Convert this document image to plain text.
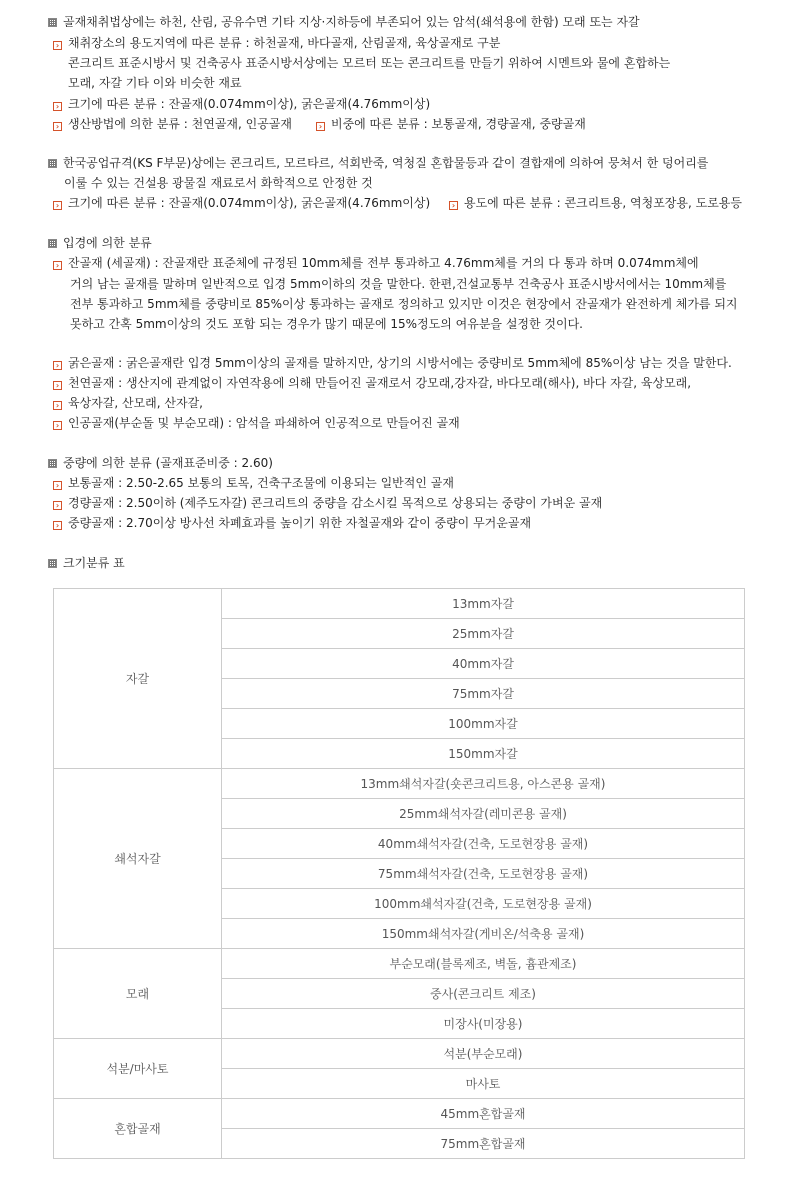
골재채취법상에는 하천, 산림, 공유수면 기타 지상·지하등에 부존되어 있는 암석(쇄석용에 한함) 모래 또는 자갈
› 채취장소의 용도지역에 따른 분류 : 하천골재, 바다골재, 산림골재, 육상골재로 구분
콘크리트 표준시방서 및 건축공사 표준시방서상에는 모르터 또는 콘크리트를 만들기 위하여 시멘트와 물에 혼합하는
모래, 자갈 기타 이와 비슷한 재료
› 크기에 따른 분류 : 잔골재(0.074mm이상), 굵은골재(4.76mm이상)
› 생산방법에 의한 분류 : 천연골재, 인공골재	› 비중에 따른 분류 : 보통골재, 경량골재, 중량골재
한국공업규격(KS F부문)상에는 콘크리트, 모르타르, 석회반죽, 역청질 혼합물등과 같이 결합재에 의하여 뭉쳐서 한 덩어리를
이룰 수 있는 건설용 광물질 재료로서 화학적으로 안정한 것
› 크기에 따른 분류 : 잔골재(0.074mm이상), 굵은골재(4.76mm이상)	› 용도에 따른 분류 : 콘크리트용, 역청포장용, 도로용등
입경에 의한 분류
› 잔골재 (세골재) : 잔골재란 표준체에 규정된 10mm체를 전부 통과하고 4.76mm체를 거의 다 통과 하며 0.074mm체에
거의 남는 골재를 말하며 일반적으로 입경 5mm이하의 것을 말한다. 한편,건설교통부 건축공사 표준시방서에서는 10mm체를
전부 통과하고 5mm체를 중량비로 85%이상 통과하는 골재로 정의하고 있지만 이것은 현장에서 잔골재가 완전하게 체가름 되지
못하고 간혹 5mm이상의 것도 포함 되는 경우가 많기 때문에 15%정도의 여유분을 설정한 것이다.
› 굵은골재 : 굵은골재란 입경 5mm이상의 골재를 말하지만, 상기의 시방서에는 중량비로 5mm체에 85%이상 남는 것을 말한다.
› 천연골재 : 생산지에 관계없이 자연작용에 의해 만들어진 골재로서 강모래,강자갈, 바다모래(해사), 바다 자갈, 육상모래,
› 육상자갈, 산모래, 산자갈,
› 인공골재(부순돌 및 부순모래) : 암석을 파쇄하여 인공적으로 만들어진 골재
중량에 의한 분류 (골재표준비중 : 2.60)
› 보통골재 : 2.50-2.65 보통의 토목, 건축구조물에 이용되는 일반적인 골재
› 경량골재 : 2.50이하 (제주도자갈) 콘크리트의 중량을 감소시킬 목적으로 상용되는 중량이 가벼운 골재
› 중량골재 : 2.70이상 방사선 차폐효과를 높이기 위한 자철골재와 같이 중량이 무거운골재
크기분류 표
자갈	13mm자갈
	25mm자갈
	40mm자갈
	75mm자갈
	100mm자갈
	150mm자갈
쇄석자갈	13mm쇄석자갈(숏콘크리트용, 아스콘용 골재)
	25mm쇄석자갈(레미콘용 골재)
	40mm쇄석자갈(건축, 도로현장용 골재)
	75mm쇄석자갈(건축, 도로현장용 골재)
	100mm쇄석자갈(건축, 도로현장용 골재)
	150mm쇄석자갈(게비온/석축용 골재)
모래	부순모래(블록제조, 벽돌, 흄관제조)
	중사(콘크리트 제조)
	미장사(미장용)
석분/마사토	석분(부순모래)
	마사토
혼합골재	45mm혼합골재
	75mm혼합골재
